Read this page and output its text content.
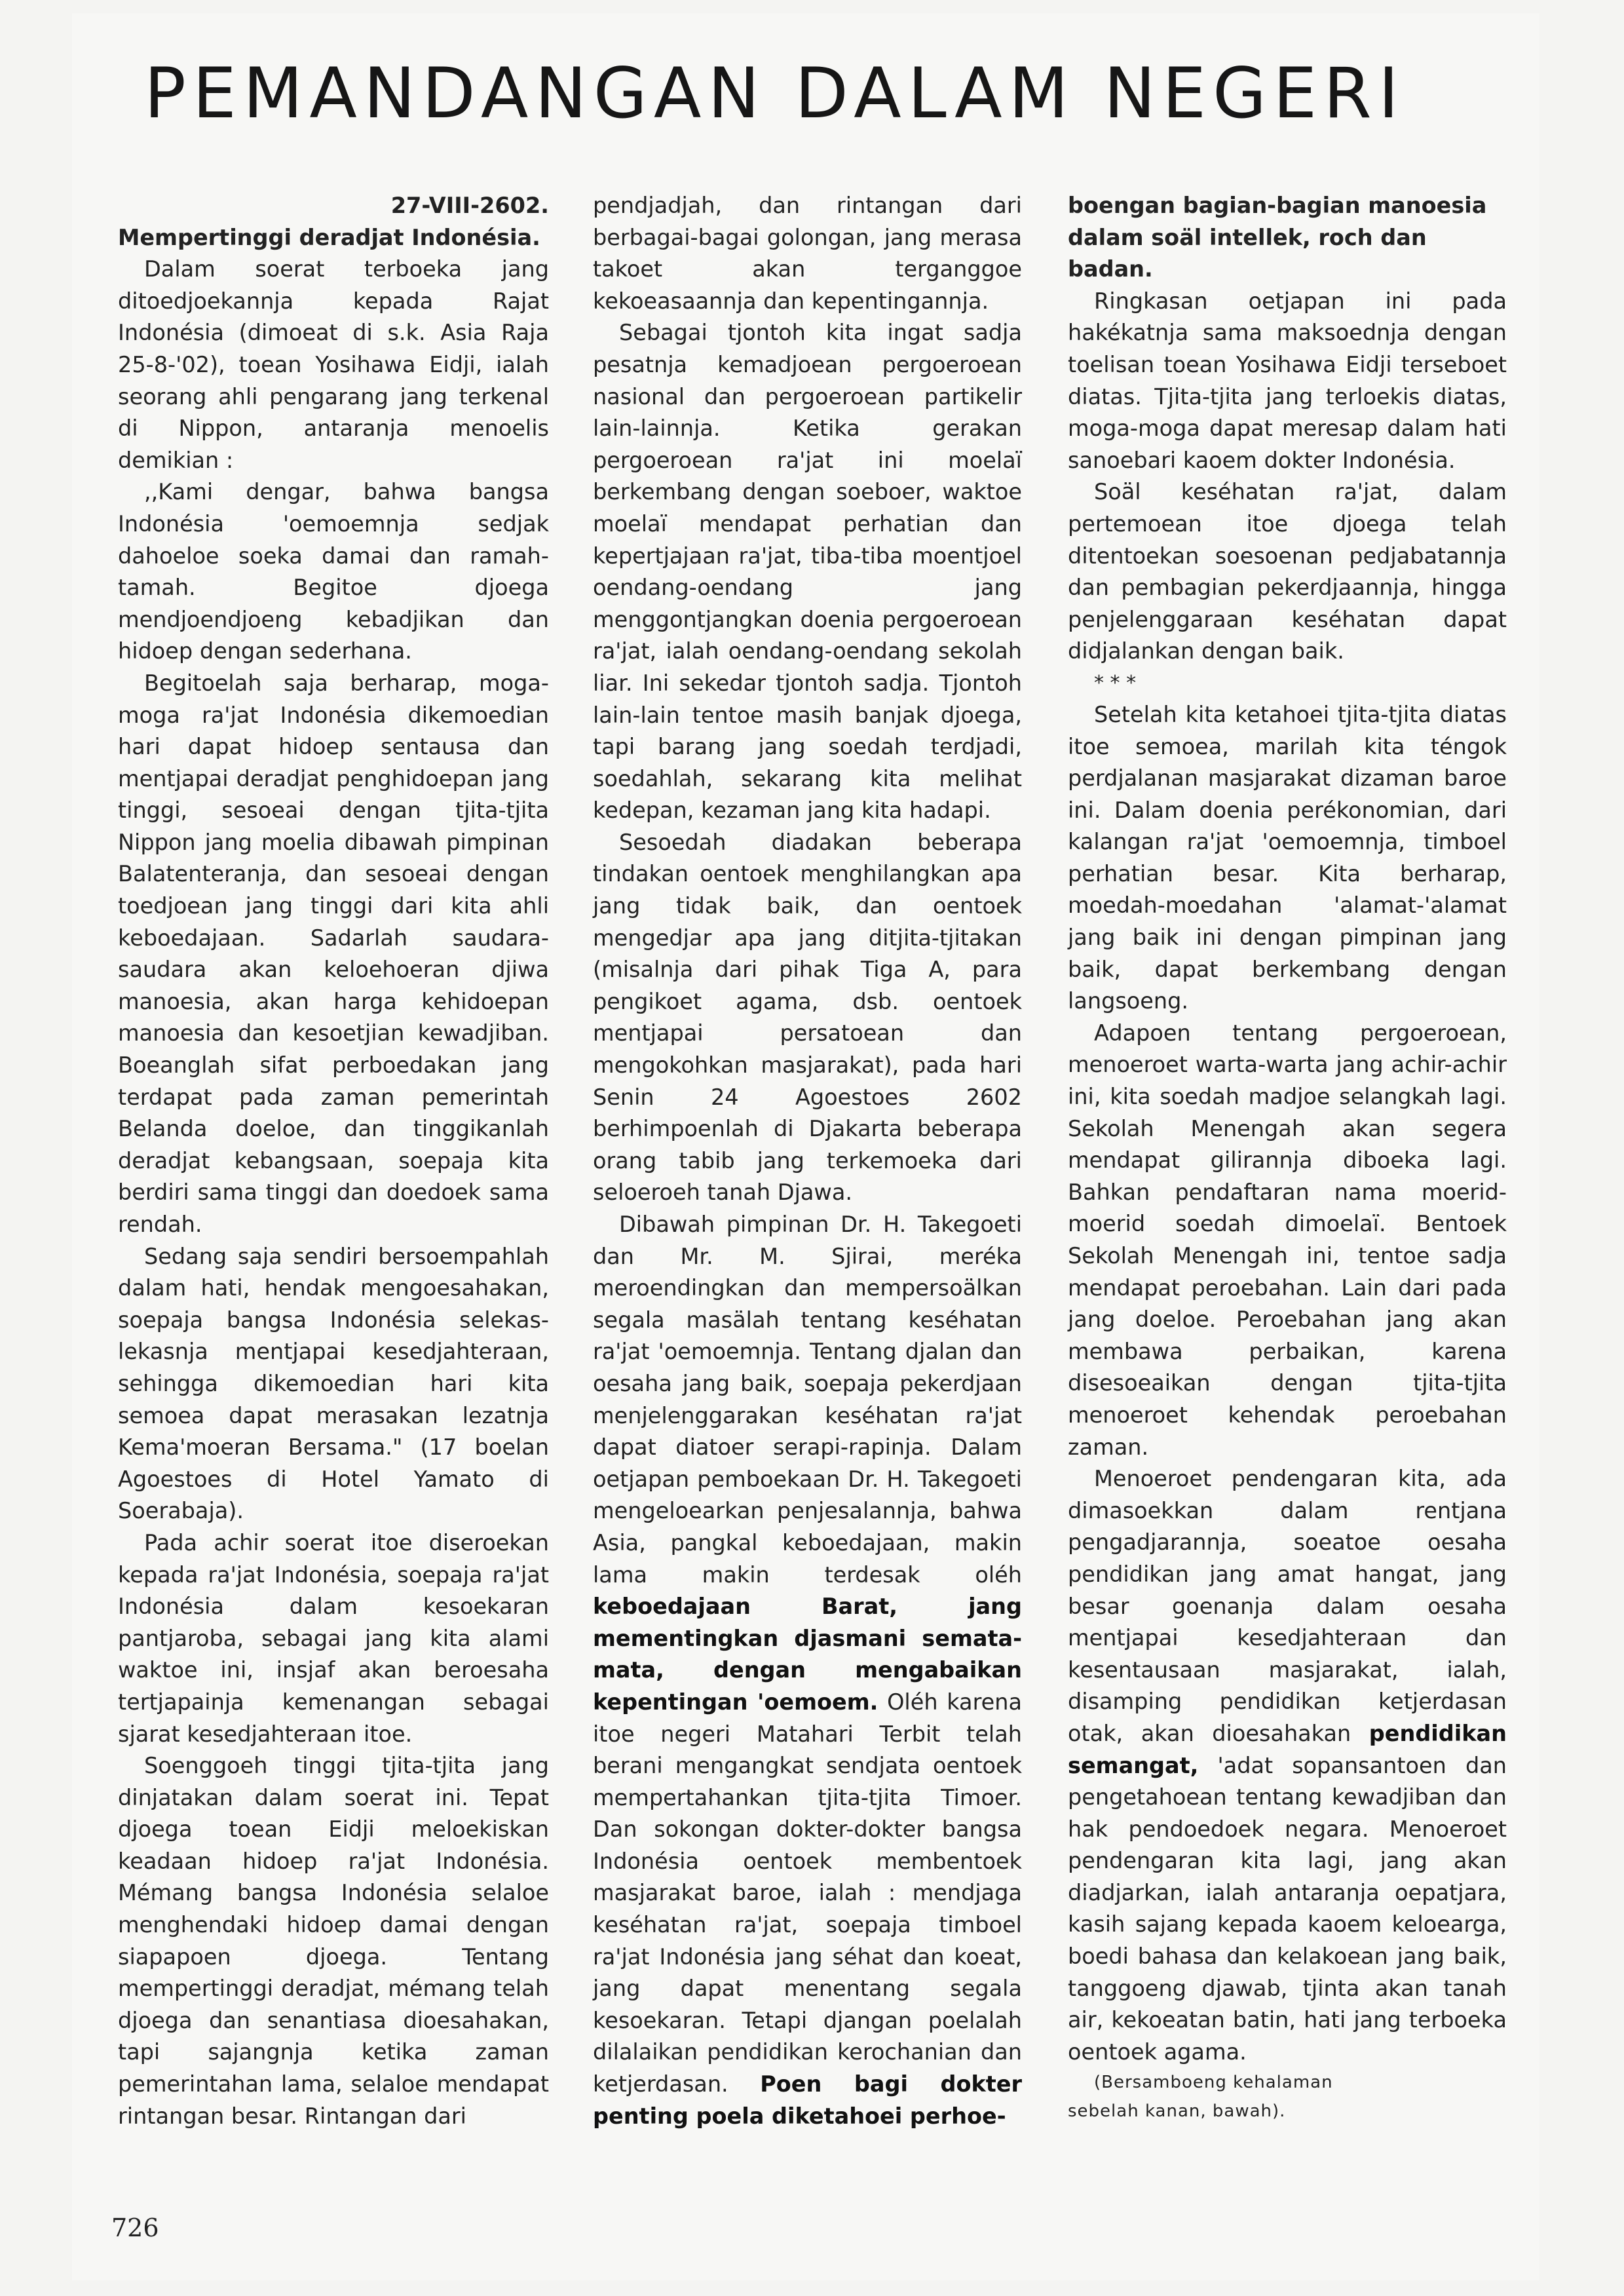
PEMANDANGAN DALAM NEGERI

27-VIII-2602.

Mempertinggi deradjat Indonésia.

Dalam soerat terboeka jang ditoedjoekannja kepada Rajat Indonésia (dimoeat di s.k. Asia Raja 25-8-'02), toean Yosihawa Eidji, ialah seorang ahli pengarang jang terkenal di Nippon, antaranja menoelis demikian :

,,Kami dengar, bahwa bangsa Indonésia 'oemoemnja sedjak dahoeloe soeka damai dan ramah-tamah. Begitoe djoega mendjoendjoeng kebadjikan dan hidoep dengan sederhana.

Begitoelah saja berharap, moga-moga ra'jat Indonésia dikemoedian hari dapat hidoep sentausa dan mentjapai deradjat penghidoepan jang tinggi, sesoeai dengan tjita-tjita Nippon jang moelia dibawah pimpinan Balatenteranja, dan sesoeai dengan toedjoean jang tinggi dari kita ahli keboedajaan. Sadarlah saudara-saudara akan keloehoeran djiwa manoesia, akan harga kehidoepan manoesia dan kesoetjian kewadjiban. Boeanglah sifat perboedakan jang terdapat pada zaman pemerintah Belanda doeloe, dan tinggikanlah deradjat kebangsaan, soepaja kita berdiri sama tinggi dan doedoek sama rendah.

Sedang saja sendiri bersoempahlah dalam hati, hendak mengoesahakan, soepaja bangsa Indonésia selekas-lekasnja mentjapai kesedjahteraan, sehingga dikemoedian hari kita semoea dapat merasakan lezatnja Kema'moeran Bersama." (17 boelan Agoestoes di Hotel Yamato di Soerabaja).

Pada achir soerat itoe diseroekan kepada ra'jat Indonésia, soepaja ra'jat Indonésia dalam kesoekaran pantjaroba, sebagai jang kita alami waktoe ini, insjaf akan beroesaha tertjapainja kemenangan sebagai sjarat kesedjahteraan itoe.

Soenggoeh tinggi tjita-tjita jang dinjatakan dalam soerat ini. Tepat djoega toean Eidji meloekiskan keadaan hidoep ra'jat Indonésia. Mémang bangsa Indonésia selaloe menghendaki hidoep damai dengan siapapoen djoega. Tentang mempertinggi deradjat, mémang telah djoega dan senantiasa dioesahakan, tapi sajangnja ketika zaman pemerintahan lama, selaloe mendapat rintangan besar. Rintangan dari

pendjadjah, dan rintangan dari berbagai-bagai golongan, jang merasa takoet akan terganggoe kekoeasaannja dan kepentingannja.

Sebagai tjontoh kita ingat sadja pesatnja kemadjoean pergoeroean nasional dan pergoeroean partikelir lain-lainnja. Ketika gerakan pergoeroean ra'jat ini moelaï berkembang dengan soeboer, waktoe moelaï mendapat perhatian dan kepertjajaan ra'jat, tiba-tiba moentjoel oendang-oendang jang menggontjangkan doenia pergoeroean ra'jat, ialah oendang-oendang sekolah liar. Ini sekedar tjontoh sadja. Tjontoh lain-lain tentoe masih banjak djoega, tapi barang jang soedah terdjadi, soedahlah, sekarang kita melihat kedepan, kezaman jang kita hadapi.

Sesoedah diadakan beberapa tindakan oentoek menghilangkan apa jang tidak baik, dan oentoek mengedjar apa jang ditjita-tjitakan (misalnja dari pihak Tiga A, para pengikoet agama, dsb. oentoek mentjapai persatoean dan mengokohkan masjarakat), pada hari Senin 24 Agoestoes 2602 berhimpoenlah di Djakarta beberapa orang tabib jang terkemoeka dari seloeroeh tanah Djawa.

Dibawah pimpinan Dr. H. Takegoeti dan Mr. M. Sjirai, meréka meroendingkan dan mempersoälkan segala masälah tentang keséhatan ra'jat 'oemoemnja. Tentang djalan dan oesaha jang baik, soepaja pekerdjaan menjelenggarakan keséhatan ra'jat dapat diatoer serapi-rapinja. Dalam oetjapan pemboekaan Dr. H. Takegoeti mengeloearkan penjesalannja, bahwa Asia, pangkal keboedajaan, makin lama makin terdesak oléh keboedajaan Barat, jang mementingkan djasmani semata-mata, dengan mengabaikan kepentingan 'oemoem. Oléh karena itoe negeri Matahari Terbit telah berani mengangkat sendjata oentoek mempertahankan tjita-tjita Timoer. Dan sokongan dokter-dokter bangsa Indonésia oentoek membentoek masjarakat baroe, ialah : mendjaga keséhatan ra'jat, soepaja timboel ra'jat Indonésia jang séhat dan koeat, jang dapat menentang segala kesoekaran. Tetapi djangan poelalah dilalaikan pendidikan kerochanian dan ketjerdasan. Poen bagi dokter penting poela diketahoei perhoe-

boengan bagian-bagian manoesia dalam soäl intellek, roch dan badan.

Ringkasan oetjapan ini pada hakékatnja sama maksoednja dengan toelisan toean Yosihawa Eidji terseboet diatas. Tjita-tjita jang terloekis diatas, moga-moga dapat meresap dalam hati sanoebari kaoem dokter Indonésia.

Soäl keséhatan ra'jat, dalam pertemoean itoe djoega telah ditentoekan soesoenan pedjabatannja dan pembagian pekerdjaannja, hingga penjelenggaraan keséhatan dapat didjalankan dengan baik.

* * *

Setelah kita ketahoei tjita-tjita diatas itoe semoea, marilah kita téngok perdjalanan masjarakat dizaman baroe ini. Dalam doenia perékonomian, dari kalangan ra'jat 'oemoemnja, timboel perhatian besar. Kita berharap, moedah-moedahan 'alamat-'alamat jang baik ini dengan pimpinan jang baik, dapat berkembang dengan langsoeng.

Adapoen tentang pergoeroean, menoeroet warta-warta jang achir-achir ini, kita soedah madjoe selangkah lagi. Sekolah Menengah akan segera mendapat gilirannja diboeka lagi. Bahkan pendaftaran nama moerid-moerid soedah dimoelaï. Bentoek Sekolah Menengah ini, tentoe sadja mendapat peroebahan. Lain dari pada jang doeloe. Peroebahan jang akan membawa perbaikan, karena disesoeaikan dengan tjita-tjita menoeroet kehendak peroebahan zaman.

Menoeroet pendengaran kita, ada dimasoekkan dalam rentjana pengadjarannja, soeatoe oesaha pendidikan jang amat hangat, jang besar goenanja dalam oesaha mentjapai kesedjahteraan dan kesentausaan masjarakat, ialah, disamping pendidikan ketjerdasan otak, akan dioesahakan pendidikan semangat, 'adat sopansantoen dan pengetahoean tentang kewadjiban dan hak pendoedoek negara. Menoeroet pendengaran kita lagi, jang akan diadjarkan, ialah antaranja oepatjara, kasih sajang kepada kaoem keloearga, boedi bahasa dan kelakoean jang baik, tanggoeng djawab, tjinta akan tanah air, kekoeatan batin, hati jang terboeka oentoek agama.

(Bersamboeng kehalaman
sebelah kanan, bawah).

726
